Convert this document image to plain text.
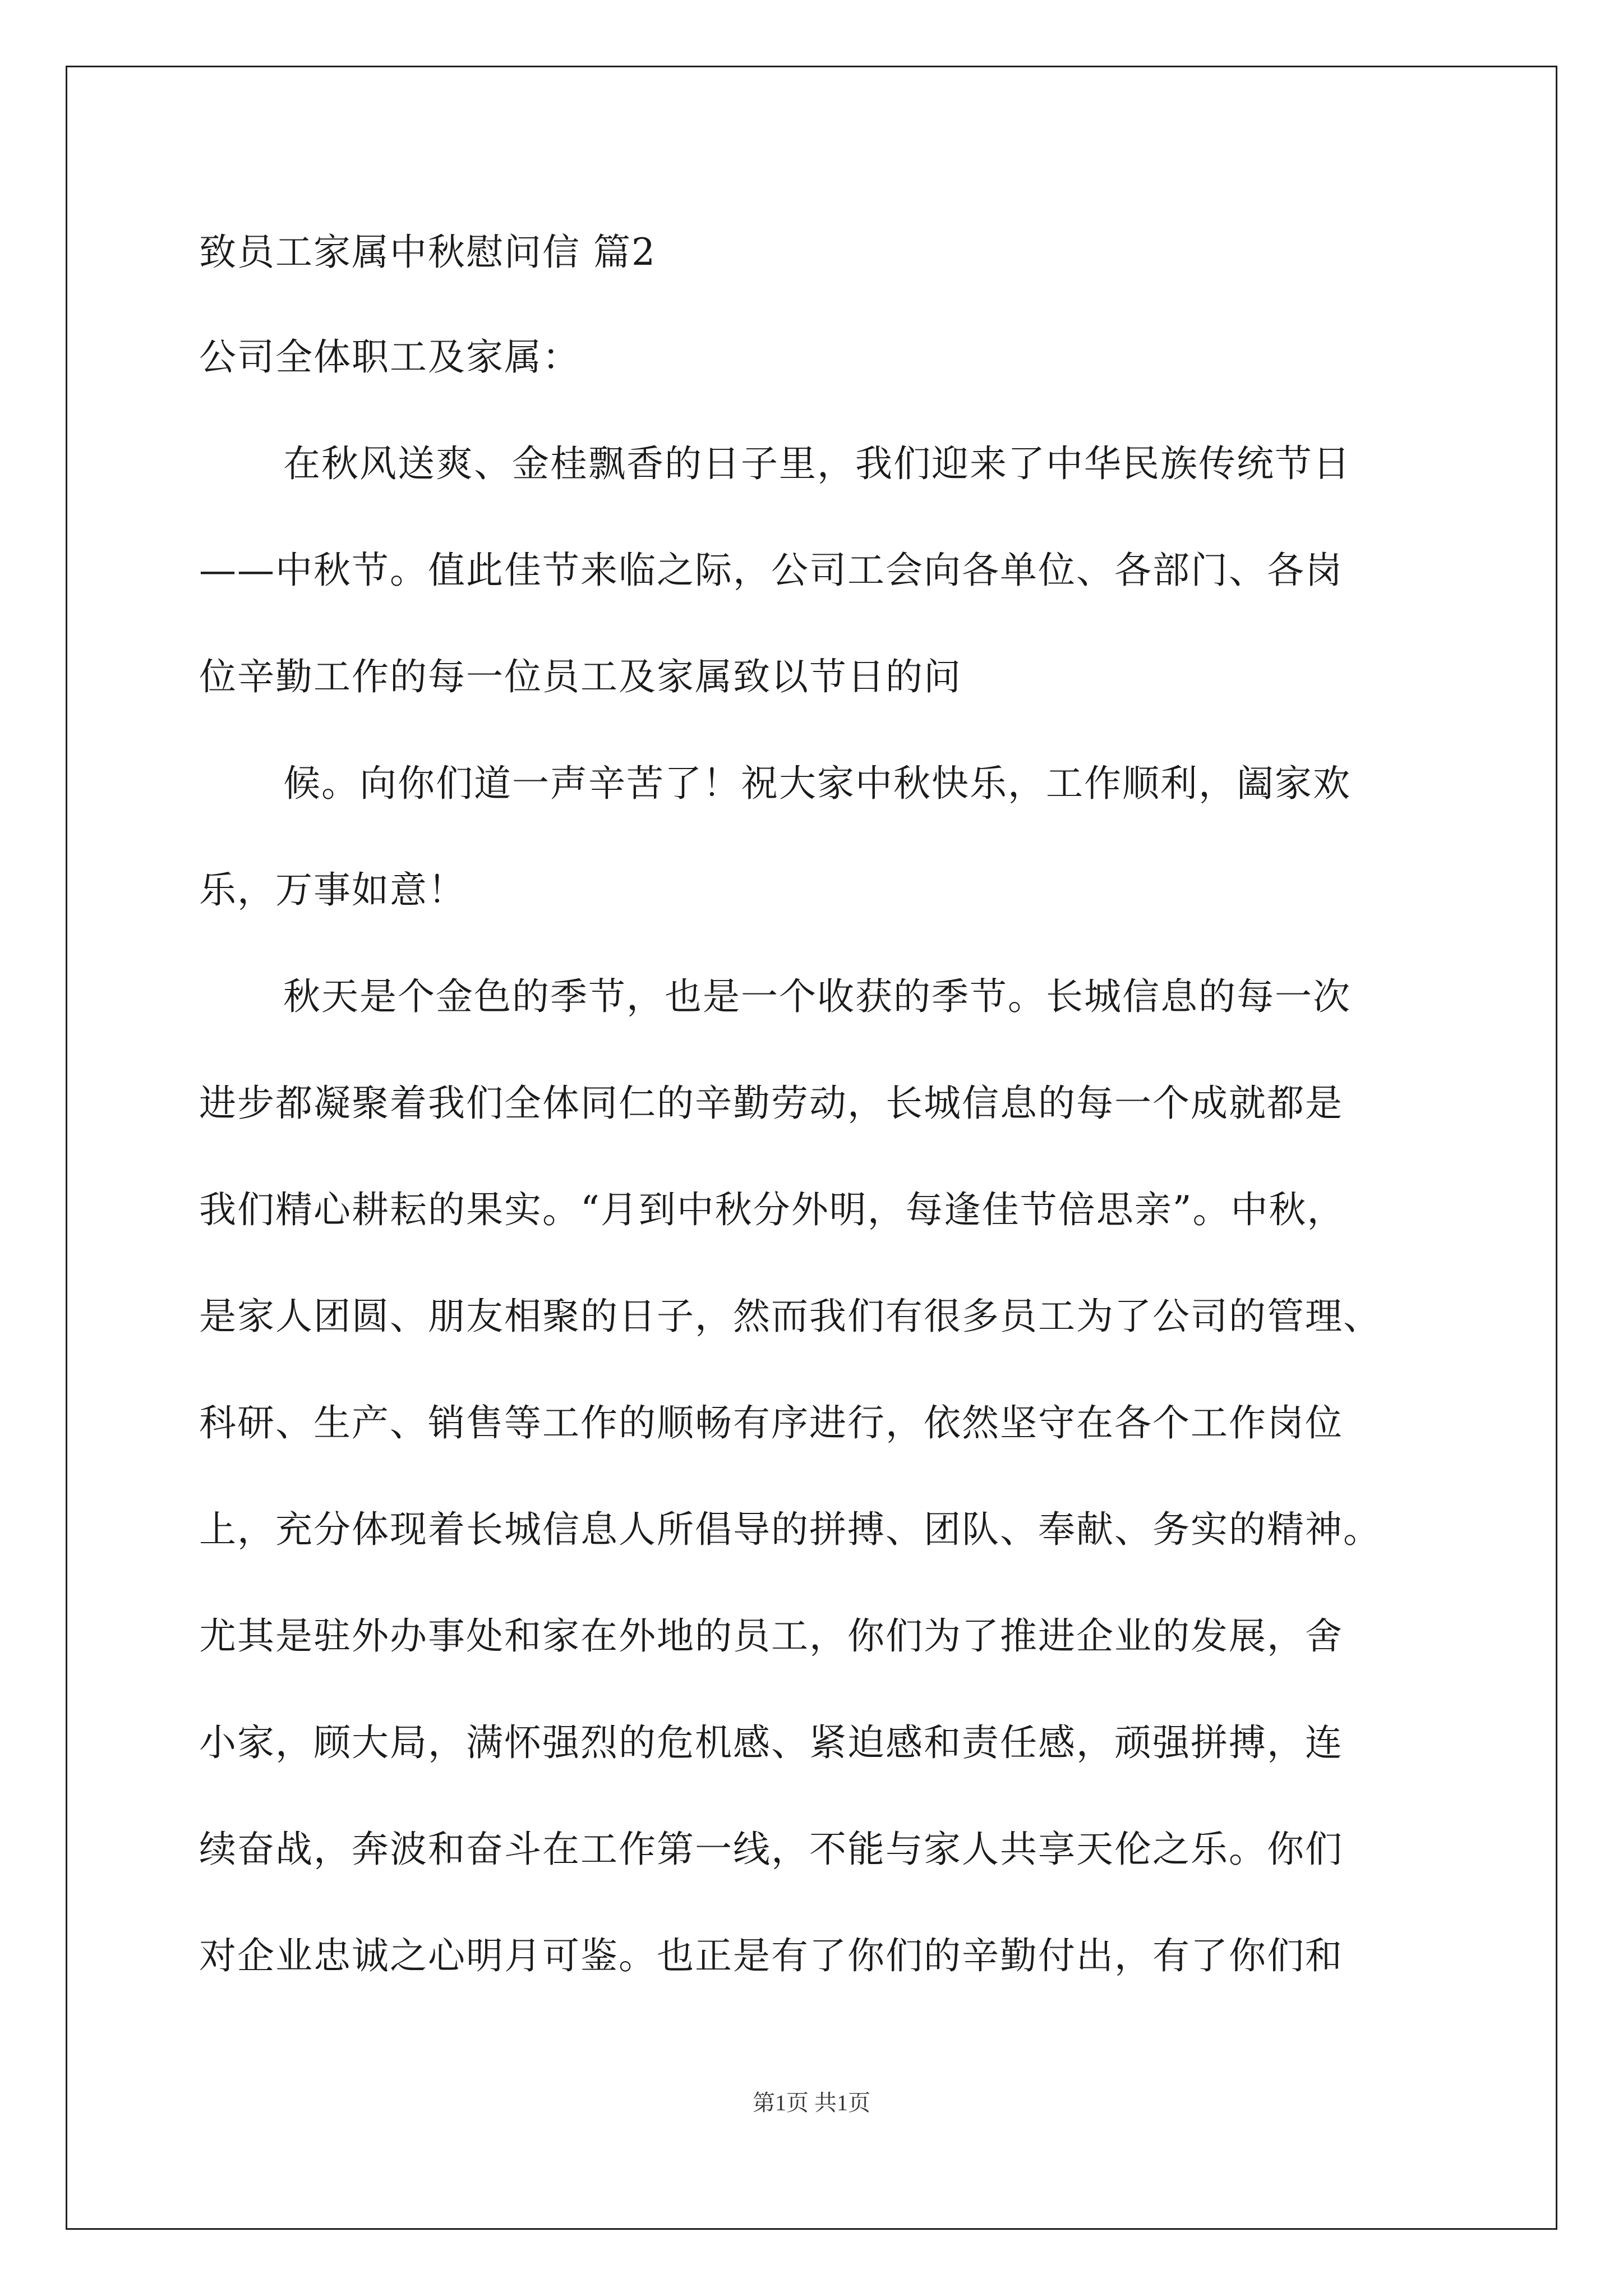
致员工家属中秋慰问信 篇2
公司全体职工及家属：
在秋风送爽、金桂飘香的日子里，我们迎来了中华民族传统节日
——中秋节。值此佳节来临之际，公司工会向各单位、各部门、各岗
位辛勤工作的每一位员工及家属致以节日的问
候。向你们道一声辛苦了！祝大家中秋快乐，工作顺利，阖家欢
乐，万事如意！
秋天是个金色的季节，也是一个收获的季节。长城信息的每一次
进步都凝聚着我们全体同仁的辛勤劳动，长城信息的每一个成就都是
我们精心耕耘的果实。“月到中秋分外明，每逢佳节倍思亲”。中秋，
是家人团圆、朋友相聚的日子，然而我们有很多员工为了公司的管理、
科研、生产、销售等工作的顺畅有序进行，依然坚守在各个工作岗位
上，充分体现着长城信息人所倡导的拼搏、团队、奉献、务实的精神。
尤其是驻外办事处和家在外地的员工，你们为了推进企业的发展，舍
小家，顾大局，满怀强烈的危机感、紧迫感和责任感，顽强拼搏，连
续奋战，奔波和奋斗在工作第一线，不能与家人共享天伦之乐。你们
对企业忠诚之心明月可鉴。也正是有了你们的辛勤付出，有了你们和
第1页 共1页
